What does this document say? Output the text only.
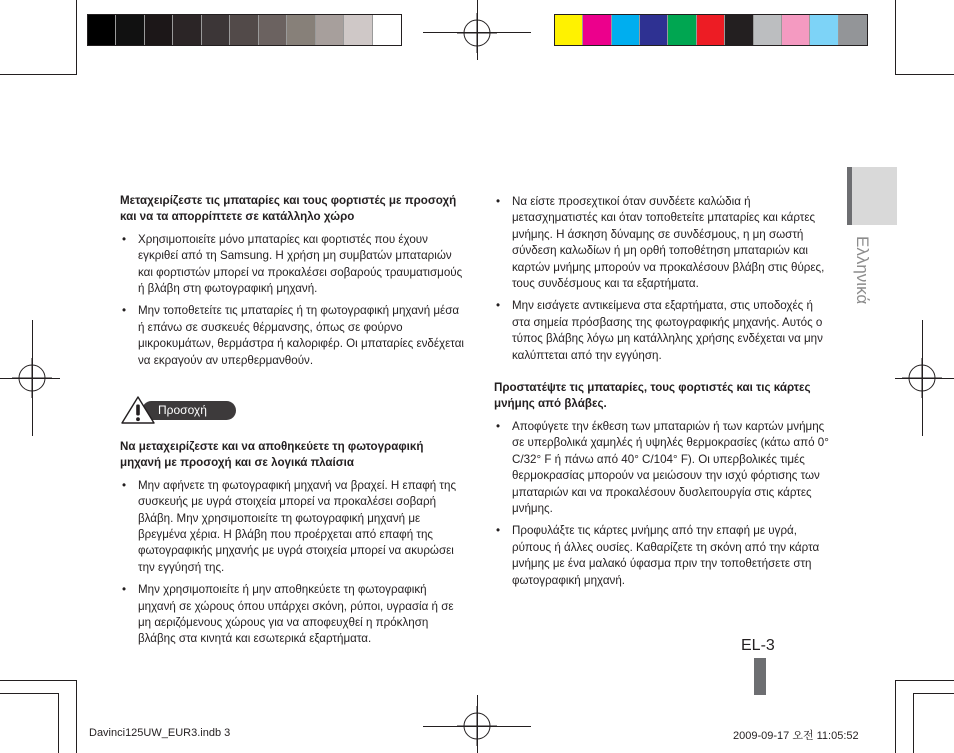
Ελληνικά

Μεταχειρίζεστε τις μπαταρίες και τους φορτιστές με προσοχή και να τα απορρίπτετε σε κατάλληλο χώρο

• Χρησιμοποιείτε μόνο μπαταρίες και φορτιστές που έχουν εγκριθεί από τη Samsung. Η χρήση μη συμβατών μπαταριών και φορτιστών μπορεί να προκαλέσει σοβαρούς τραυματισμούς ή βλάβη στη φωτογραφική μηχανή.
• Μην τοποθετείτε τις μπαταρίες ή τη φωτογραφική μηχανή μέσα ή επάνω σε συσκευές θέρμανσης, όπως σε φούρνο μικροκυμάτων, θερμάστρα ή καλοριφέρ. Οι μπαταρίες ενδέχεται να εκραγούν αν υπερθερμανθούν.
Προσοχή

Να μεταχειρίζεστε και να αποθηκεύετε τη φωτογραφική μηχανή με προσοχή και σε λογικά πλαίσια

• Μην αφήνετε τη φωτογραφική μηχανή να βραχεί. Η επαφή της συσκευής με υγρά στοιχεία μπορεί να προκαλέσει σοβαρή βλάβη. Μην χρησιμοποιείτε τη φωτογραφική μηχανή με βρεγμένα χέρια. Η βλάβη που προέρχεται από επαφή της φωτογραφικής μηχανής με υγρά στοιχεία μπορεί να ακυρώσει την εγγύησή της.
• Μην χρησιμοποιείτε ή μην αποθηκεύετε τη φωτογραφική μηχανή σε χώρους όπου υπάρχει σκόνη, ρύποι, υγρασία ή σε μη αεριζόμενους χώρους για να αποφευχθεί η πρόκληση βλάβης στα κινητά και εσωτερικά εξαρτήματα.
• Να είστε προσεχτικοί όταν συνδέετε καλώδια ή μετασχηματιστές και όταν τοποθετείτε μπαταρίες και κάρτες μνήμης. Η άσκηση δύναμης σε συνδέσμους, η μη σωστή σύνδεση καλωδίων ή μη ορθή τοποθέτηση μπαταριών και καρτών μνήμης μπορούν να προκαλέσουν βλάβη στις θύρες, τους συνδέσμους και τα εξαρτήματα.
• Μην εισάγετε αντικείμενα στα εξαρτήματα, στις υποδοχές ή στα σημεία πρόσβασης της φωτογραφικής μηχανής. Αυτός ο τύπος βλάβης λόγω μη κατάλληλης χρήσης ενδέχεται να μην καλύπτεται από την εγγύηση.

Προστατέψτε τις μπαταρίες, τους φορτιστές και τις κάρτες μνήμης από βλάβες.

• Αποφύγετε την έκθεση των μπαταριών ή των καρτών μνήμης σε υπερβολικά χαμηλές ή υψηλές θερμοκρασίες (κάτω από 0° C/32° F ή πάνω από 40° C/104° F). Οι υπερβολικές τιμές θερμοκρασίας μπορούν να μειώσουν την ισχύ φόρτισης των μπαταριών και να προκαλέσουν δυσλειτουργία στις κάρτες μνήμης.
• Προφυλάξτε τις κάρτες μνήμης από την επαφή με υγρά, ρύπους ή άλλες ουσίες. Καθαρίζετε τη σκόνη από την κάρτα μνήμης με ένα μαλακό ύφασμα πριν την τοποθετήσετε στη φωτογραφική μηχανή.
EL-3
Davinci125UW_EUR3.indb 3	2009-09-17 오전 11:05:52
